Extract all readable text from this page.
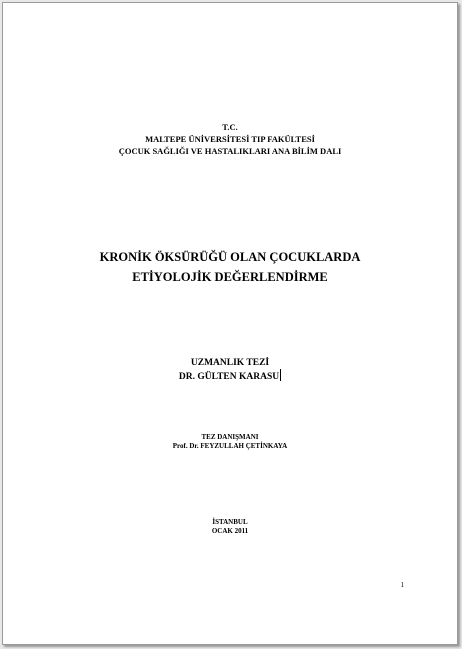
T.C.
MALTEPE ÜNİVERSİTESİ TIP FAKÜLTESİ
ÇOCUK SAĞLIĞI VE HASTALIKLARI ANA BİLİM DALI
KRONİK ÖKSÜRÜĞÜ OLAN ÇOCUKLARDA
ETİYOLOJİK DEĞERLENDİRME
UZMANLIK TEZİ
DR. GÜLTEN KARASU
TEZ DANIŞMANI
Prof. Dr. FEYZULLAH ÇETİNKAYA
İSTANBUL
OCAK 2011
1
